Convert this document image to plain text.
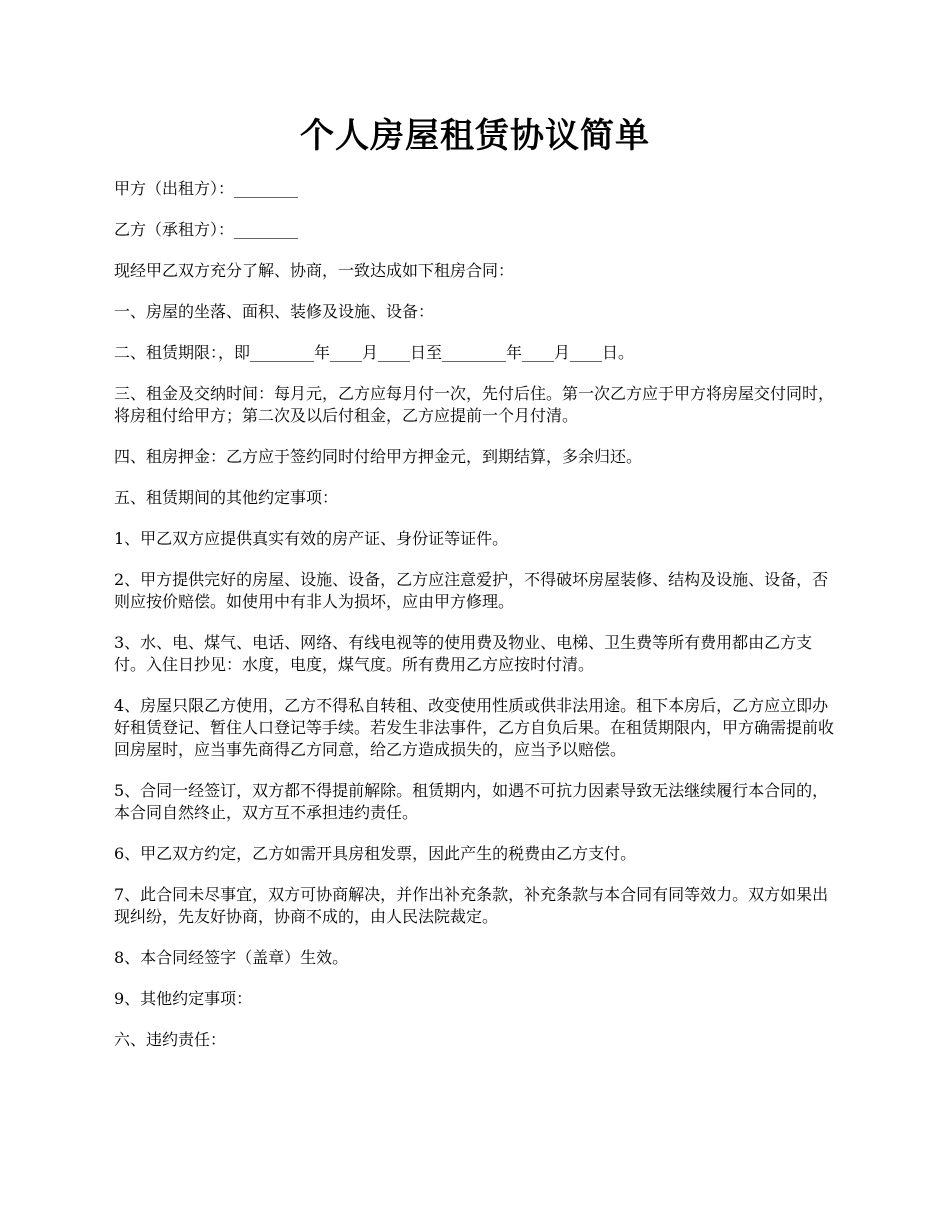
个人房屋租赁协议简单

甲方（出租方）：________

乙方（承租方）：________

现经甲乙双方充分了解、协商，一致达成如下租房合同：

一、房屋的坐落、面积、装修及设施、设备：

二、租赁期限：，即________年____月____日至________年____月____日。

三、租金及交纳时间：每月元，乙方应每月付一次，先付后住。第一次乙方应于甲方将房屋交付同时，将房租付给甲方；第二次及以后付租金，乙方应提前一个月付清。

四、租房押金：乙方应于签约同时付给甲方押金元，到期结算，多余归还。

五、租赁期间的其他约定事项：

1、甲乙双方应提供真实有效的房产证、身份证等证件。

2、甲方提供完好的房屋、设施、设备，乙方应注意爱护，不得破坏房屋装修、结构及设施、设备，否则应按价赔偿。如使用中有非人为损坏，应由甲方修理。

3、水、电、煤气、电话、网络、有线电视等的使用费及物业、电梯、卫生费等所有费用都由乙方支付。入住日抄见：水度，电度，煤气度。所有费用乙方应按时付清。

4、房屋只限乙方使用，乙方不得私自转租、改变使用性质或供非法用途。租下本房后，乙方应立即办好租赁登记、暂住人口登记等手续。若发生非法事件，乙方自负后果。在租赁期限内，甲方确需提前收回房屋时，应当事先商得乙方同意，给乙方造成损失的，应当予以赔偿。

5、合同一经签订，双方都不得提前解除。租赁期内，如遇不可抗力因素导致无法继续履行本合同的，本合同自然终止，双方互不承担违约责任。

6、甲乙双方约定，乙方如需开具房租发票，因此产生的税费由乙方支付。

7、此合同未尽事宜，双方可协商解决，并作出补充条款，补充条款与本合同有同等效力。双方如果出现纠纷，先友好协商，协商不成的，由人民法院裁定。

8、本合同经签字（盖章）生效。

9、其他约定事项：

六、违约责任：
